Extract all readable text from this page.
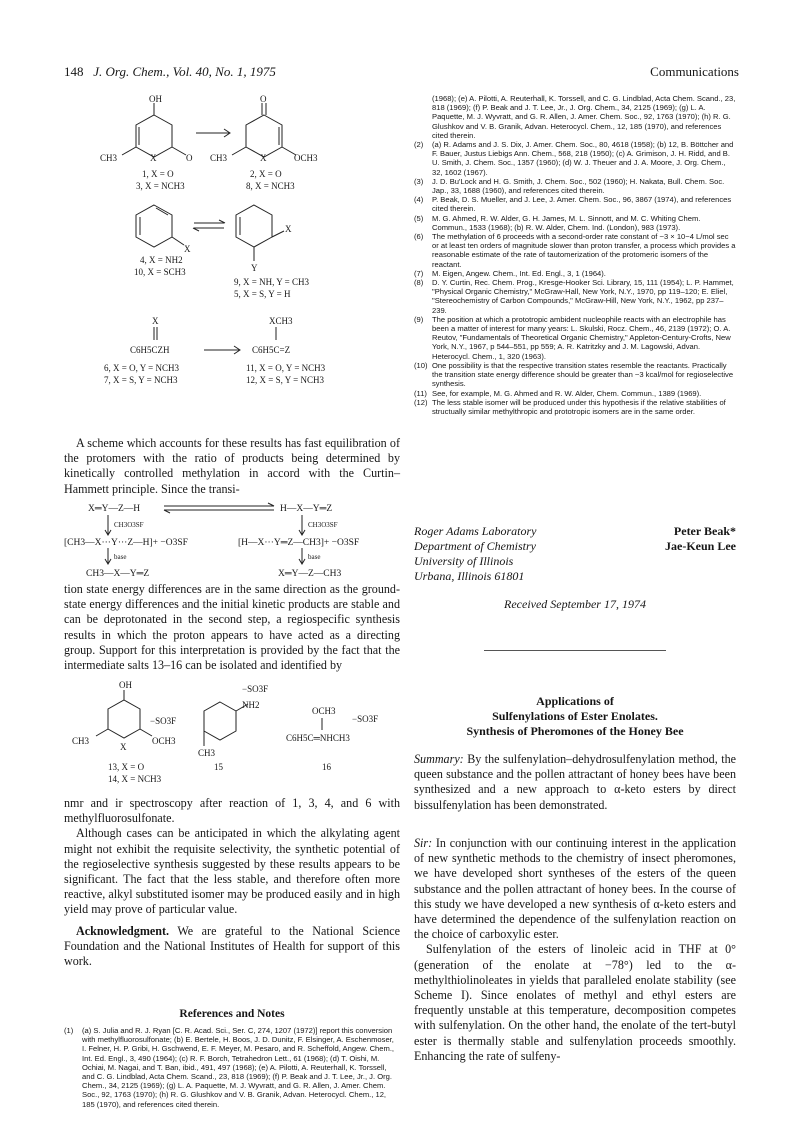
148 J. Org. Chem., Vol. 40, No. 1, 1975	Communications
OH	O
CH3	X	O CH3	X	OCH3
1, X = O
3, X = NCH3
2, X = O
8, X = NCH3
X
4, X = NH2
10, X = SCH3
X
Y
9, X = NH, Y = CH3
5, X = S, Y = H
X	XCH3
C6H5CZH	C6H5C=Z
6, X = O, Y = NCH3
7, X = S, Y = NCH3
11, X = O, Y = NCH3
12, X = S, Y = NCH3

A scheme which accounts for these results has fast equilibration of the protomers with the ratio of products being determined by kinetically controlled methylation in accord with the Curtin–Hammett principle. Since the transi-

X═Y—Z—H	H—X—Y═Z
CH3O3SF	CH3O3SF
[CH3—X···Y···Z—H]+ −O3SF	[H—X···Y═Z—CH3]+ −O3SF
base	base
CH3—X—Y═Z	X═Y—Z—CH3

tion state energy differences are in the same direction as the ground-state energy differences and the initial kinetic products are stable and can be deprotonated in the second step, a regiospecific synthesis results in which the proton appears to have acted as a directing group. Support for this interpretation is provided by the fact that the intermediate salts 13–16 can be isolated and identified by

OH
−SO3F
CH3
X
OCH3
−SO3F
NH2
CH3
OCH3
−SO3F
C6H5C═NHCH3
13, X = O
14, X = NCH3
15	16

nmr and ir spectroscopy after reaction of 1, 3, 4, and 6 with methylfluorosulfonate.

Although cases can be anticipated in which the alkylating agent might not exhibit the requisite selectivity, the synthetic potential of the regioselective synthesis suggested by these results appears to be significant. The fact that the less stable, and therefore often more reactive, alkyl substituted isomer may be produced easily and in high yield may prove of particular value.

Acknowledgment. We are grateful to the National Science Foundation and the National Institutes of Health for support of this work.

References and Notes
(1)	(a) S. Julia and R. J. Ryan [C. R. Acad. Sci., Ser. C, 274, 1207 (1972)] report this conversion with methylfluorosulfonate; (b) E. Bertele, H. Boos, J. D. Dunitz, F. Elsinger, A. Eschenmoser, I. Felner, H. P. Gribi, H. Gschwend, E. F. Meyer, M. Pesaro, and R. Scheffold, Angew. Chem., Int. Ed. Engl., 3, 490 (1964); (c) R. F. Borch, Tetrahedron Lett., 61 (1968); (d) T. Oishi, M. Ochiai, M. Nagai, and T. Ban, ibid., 491, 497 (1968); (e) A. Pilotti, A. Reuterhall, K. Torssell, and C. G. Lindblad, Acta Chem. Scand., 23, 818 (1969); (f) P. Beak and J. T. Lee, Jr., J. Org. Chem., 34, 2125 (1969); (g) L. A. Paquette, M. J. Wyvratt, and G. R. Allen, J. Amer. Chem. Soc., 92, 1763 (1970); (h) R. G. Glushkov and V. B. Granik, Advan. Heterocycl. Chem., 12, 185 (1970), and references cited therein.
(1968); (e) A. Pilotti, A. Reuterhall, K. Torssell, and C. G. Lindblad, Acta Chem. Scand., 23, 818 (1969); (f) P. Beak and J. T. Lee, Jr., J. Org. Chem., 34, 2125 (1969); (g) L. A. Paquette, M. J. Wyvratt, and G. R. Allen, J. Amer. Chem. Soc., 92, 1763 (1970); (h) R. G. Glushkov and V. B. Granik, Advan. Heterocycl. Chem., 12, 185 (1970), and references cited therein.
(2)	(a) R. Adams and J. S. Dix, J. Amer. Chem. Soc., 80, 4618 (1958); (b) 12, B. Böttcher and F. Bauer, Justus Liebigs Ann. Chem., 568, 218 (1950); (c) A. Grimison, J. H. Ridd, and B. U. Smith, J. Chem. Soc., 1357 (1960); (d) W. J. Theuer and J. A. Moore, J. Org. Chem., 32, 1602 (1967).
(3)	J. D. Bu'Lock and H. G. Smith, J. Chem. Soc., 502 (1960); H. Nakata, Bull. Chem. Soc. Jap., 33, 1688 (1960), and references cited therein.
(4)	P. Beak, D. S. Mueller, and J. Lee, J. Amer. Chem. Soc., 96, 3867 (1974), and references cited therein.
(5)	M. G. Ahmed, R. W. Alder, G. H. James, M. L. Sinnott, and M. C. Whiting Chem. Commun., 1533 (1968); (b) R. W. Alder, Chem. Ind. (London), 983 (1973).
(6)	The methylation of 6 proceeds with a second-order rate constant of ~3 × 10−4 L/mol sec or at least ten orders of magnitude slower than proton transfer, a process which provides a reasonable estimate of the rate of tautomerization of the protomeric isomers of the reactant.
(7)	M. Eigen, Angew. Chem., Int. Ed. Engl., 3, 1 (1964).
(8)	D. Y. Curtin, Rec. Chem. Prog., Kresge-Hooker Sci. Library, 15, 111 (1954); L. P. Hammet, "Physical Organic Chemistry," McGraw-Hall, New York, N.Y., 1970, pp 119–120; E. Eliel, "Stereochemistry of Carbon Compounds," McGraw-Hill, New York, N.Y., 1962, pp 237–239.
(9)	The position at which a prototropic ambident nucleophile reacts with an electrophile has been a matter of interest for many years: L. Skulski, Rocz. Chem., 46, 2139 (1972); O. A. Reutov, "Fundamentals of Theoretical Organic Chemistry," Appleton-Century-Crofts, New York, N.Y., 1967, p 544–551, pp 559; A. R. Katritzky and J. M. Lagowski, Advan. Heterocycl. Chem., 1, 320 (1963).
(10) One possibility is that the respective transition states resemble the reactants. Practically the transition state energy difference should be greater than ~3 kcal/mol for regioselective synthesis.
(11) See, for example, M. G. Ahmed and R. W. Alder, Chem. Commun., 1389 (1969).
(12) The less stable isomer will be produced under this hypothesis if the relative stabilities of structually similar methylthropic and prototropic isomers are in the same order.
Roger Adams Laboratory
Department of Chemistry
University of Illinois
Urbana, Illinois 61801
Peter Beak*
Jae-Keun Lee
Received September 17, 1974
Applications of
Sulfenylations of Ester Enolates.
Synthesis of Pheromones of the Honey Bee

Summary: By the sulfenylation–dehydrosulfenylation method, the queen substance and the pollen attractant of honey bees have been synthesized and a new approach to α-keto esters by direct bissulfenylation has been demonstrated.

Sir: In conjunction with our continuing interest in the application of new synthetic methods to the chemistry of insect pheromones, we have developed short syntheses of the esters of the queen substance and the pollen attractant of honey bees. In the course of this study we have developed a new synthesis of α-keto esters and have determined the dependence of the sulfenylation reaction on the choice of carboxylic ester.

Sulfenylation of the esters of linoleic acid in THF at 0° (generation of the enolate at −78°) led to the α-methylthiolinoleates in yields that paralleled enolate stability (see Scheme I). Since enolates of methyl and ethyl esters are frequently unstable at this temperature, decomposition competes with sulfenylation. On the other hand, the enolate of the tert-butyl ester is thermally stable and sulfenylation proceeds smoothly. Enhancing the rate of sulfeny-
